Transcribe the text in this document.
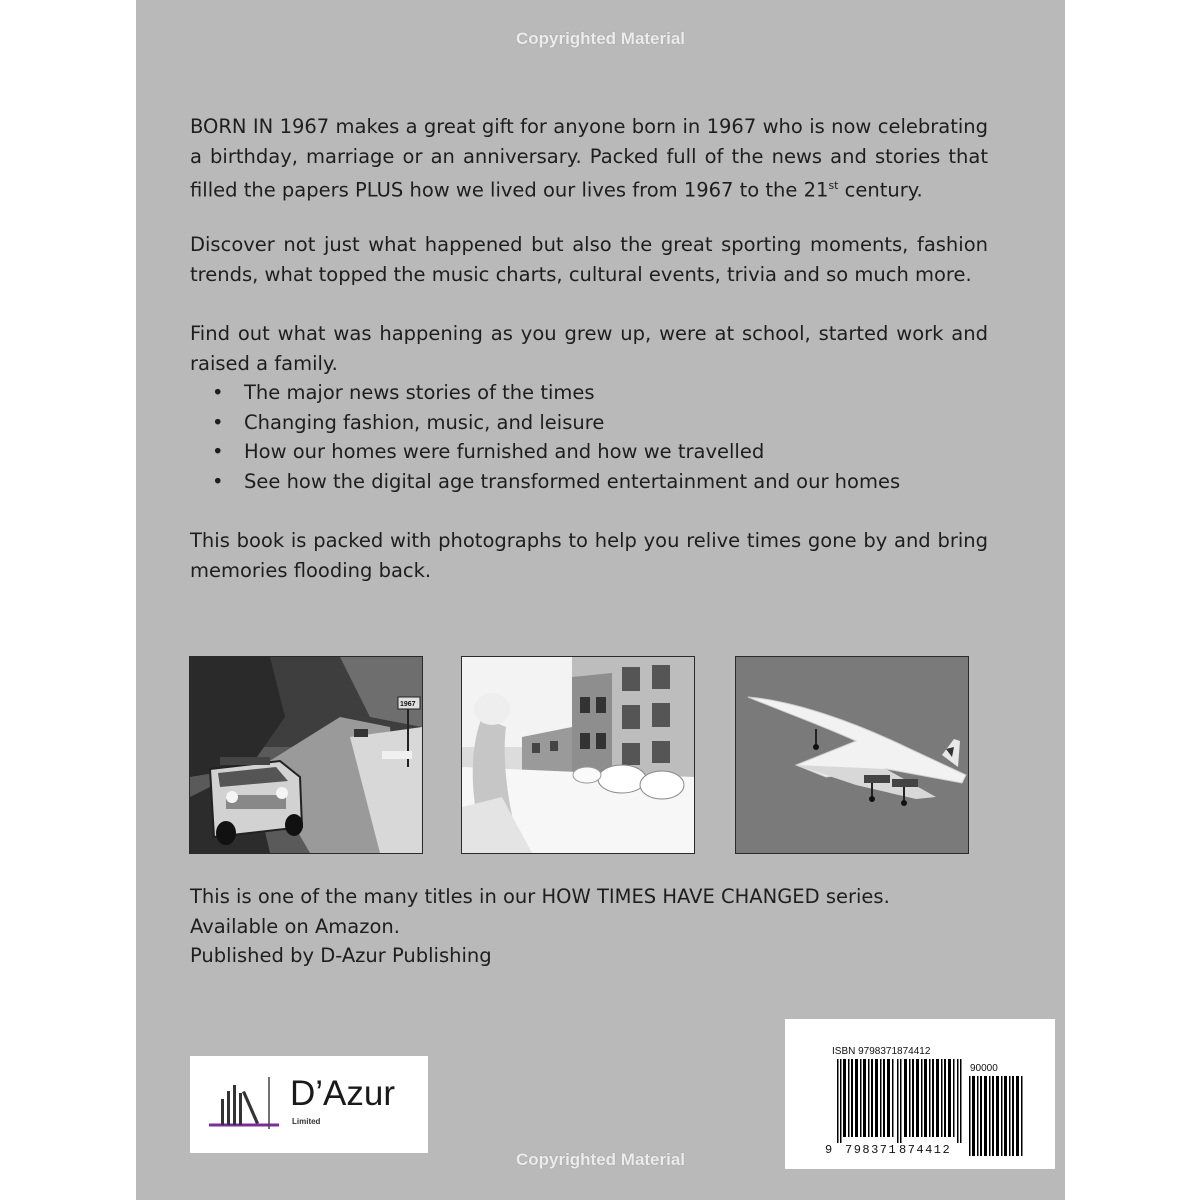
Copyrighted Material
BORN IN 1967 makes a great gift for anyone born in 1967 who is now celebrating a birthday, marriage or an anniversary. Packed full of the news and stories that filled the papers PLUS how we lived our lives from 1967 to the 21st century.
Discover not just what happened but also the great sporting moments, fashion trends, what topped the music charts, cultural events, trivia and so much more.
Find out what was happening as you grew up, were at school, started work and raised a family.
• The major news stories of the times
• Changing fashion, music, and leisure
• How our homes were furnished and how we travelled
• See how the digital age transformed entertainment and our homes
This book is packed with photographs to help you relive times gone by and bring memories flooding back.
1967
This is one of the many titles in our HOW TIMES HAVE CHANGED series.
Available on Amazon.
Published by D-Azur Publishing
D’Azur
Limited
ISBN 9798371874412
90000
9 798371 874412
Copyrighted Material
